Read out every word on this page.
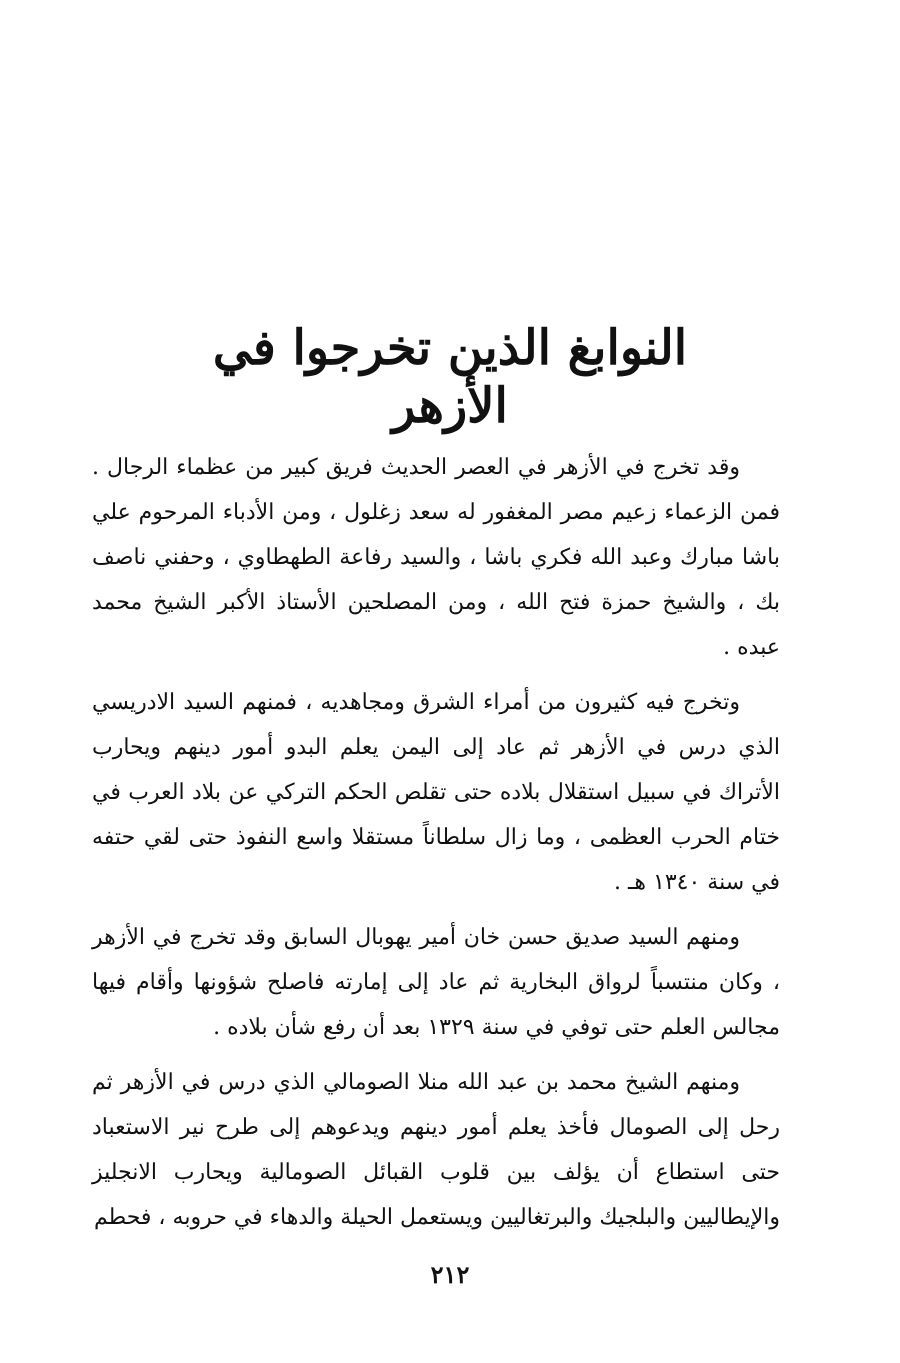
النوابغ الذين تخرجوا في الأزهر

وقد تخرج في الأزهر في العصر الحديث فريق كبير من عظماء الرجال . فمن الزعماء زعيم مصر المغفور له سعد زغلول ، ومن الأدباء المرحوم علي باشا مبارك وعبد الله فكري باشا ، والسيد رفاعة الطهطاوي ، وحفني ناصف بك ، والشيخ حمزة فتح الله ، ومن المصلحين الأستاذ الأكبر الشيخ محمد عبده .

وتخرج فيه كثيرون من أمراء الشرق ومجاهديه ، فمنهم السيد الادريسي الذي درس في الأزهر ثم عاد إلى اليمن يعلم البدو أمور دينهم ويحارب الأتراك في سبيل استقلال بلاده حتى تقلص الحكم التركي عن بلاد العرب في ختام الحرب العظمى ، وما زال سلطاناً مستقلا واسع النفوذ حتى لقي حتفه في سنة ١٣٤٠ هـ .

ومنهم السيد صديق حسن خان أمير يهوبال السابق وقد تخرج في الأزهر ، وكان منتسباً لرواق البخارية ثم عاد إلى إمارته فاصلح شؤونها وأقام فيها مجالس العلم حتى توفي في سنة ١٣٢٩ بعد أن رفع شأن بلاده .

ومنهم الشيخ محمد بن عبد الله منلا الصومالي الذي درس في الأزهر ثم رحل إلى الصومال فأخذ يعلم أمور دينهم ويدعوهم إلى طرح نير الاستعباد حتى استطاع أن يؤلف بين قلوب القبائل الصومالية ويحارب الانجليز والإيطاليين والبلجيك والبرتغاليين ويستعمل الحيلة والدهاء في حروبه ، فحطم

٢١٢
